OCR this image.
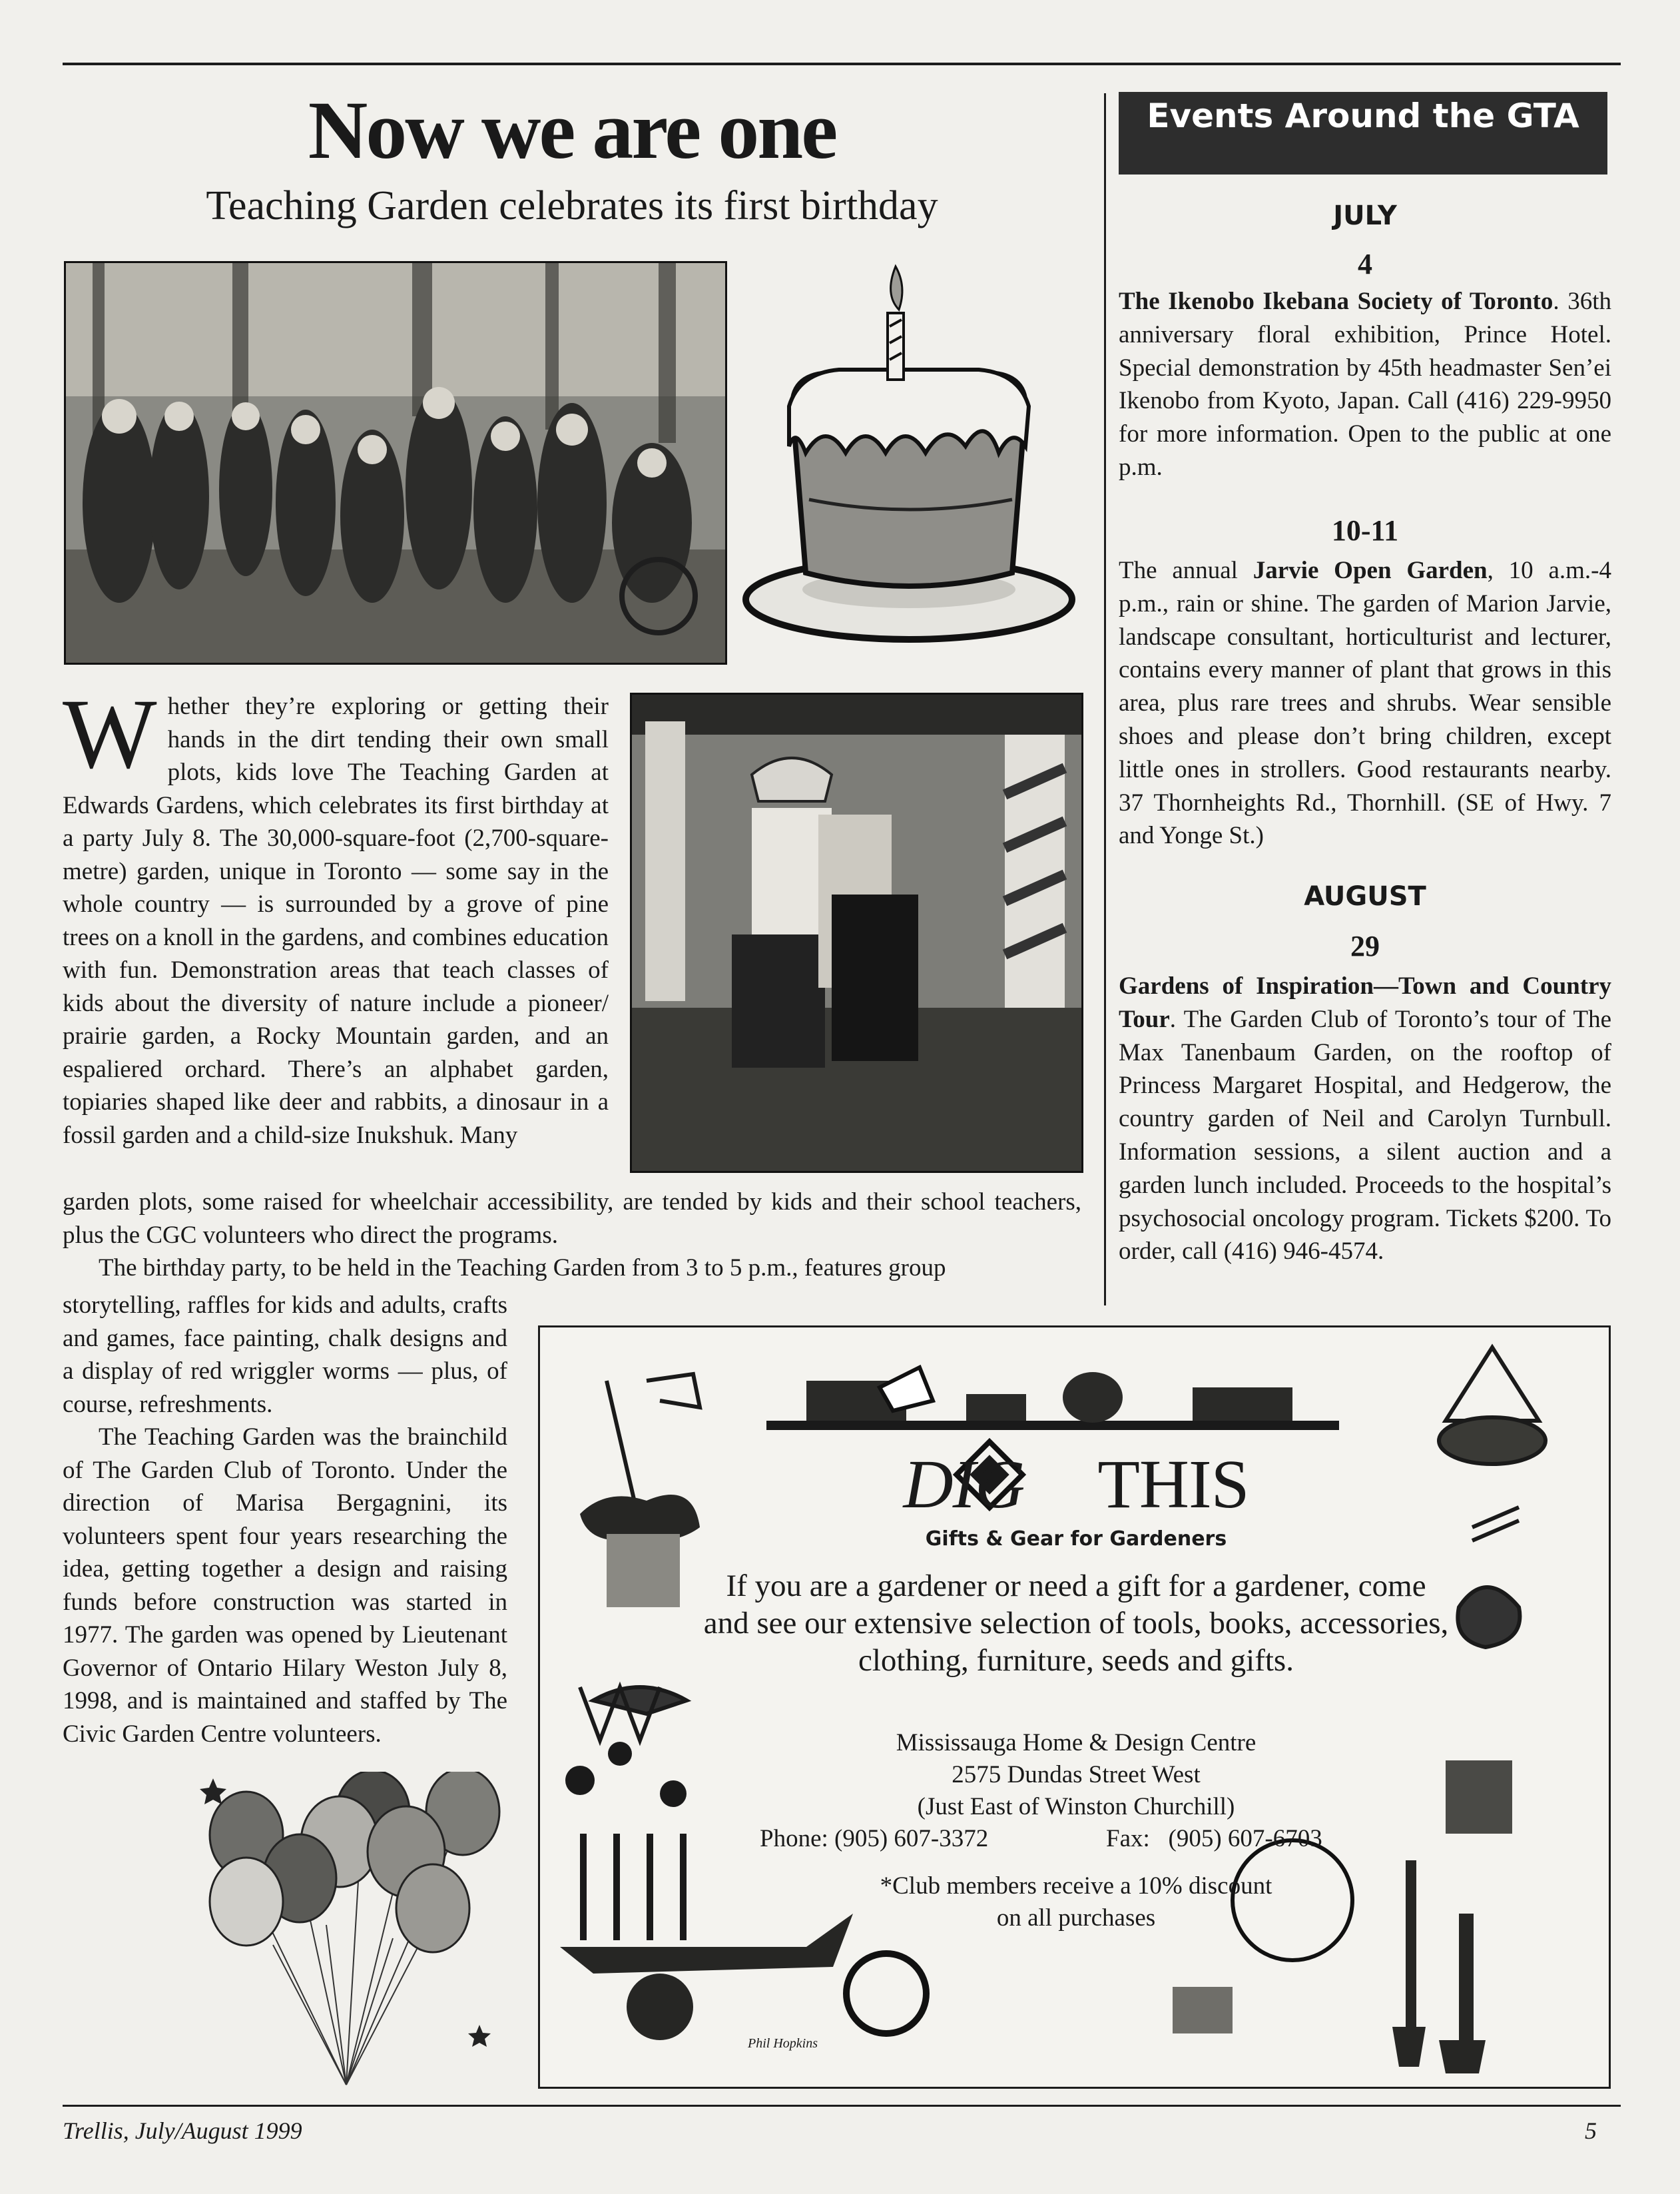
Now we are one
Teaching Garden celebrates its first birthday

Whether they’re exploring or getting their hands in the dirt tending their own small plots, kids love The Teaching Garden at Edwards Gardens, which celebrates its first birthday at a party July 8. The 30,000-square-foot (2,700-square-metre) garden, unique in Toronto — some say in the whole country — is surrounded by a grove of pine trees on a knoll in the gardens, and combines education with fun. Demonstration areas that teach classes of kids about the diversity of nature include a pioneer/ prairie garden, a Rocky Mountain garden, and an espaliered orchard. There’s an alphabet garden, topiaries shaped like deer and rabbits, a dinosaur in a fossil garden and a child-size Inukshuk. Many

garden plots, some raised for wheelchair accessibility, are tended by kids and their school teachers, plus the CGC volunteers who direct the programs.

The birthday party, to be held in the Teaching Garden from 3 to 5 p.m., features group

storytelling, raffles for kids and adults, crafts and games, face painting, chalk designs and a display of red wriggler worms — plus, of course, refreshments.

The Teaching Garden was the brainchild of The Garden Club of Toronto. Under the direction of Marisa Bergagnini, its volunteers spent four years researching the idea, getting together a design and raising funds before construction was started in 1977. The garden was opened by Lieutenant Governor of Ontario Hilary Weston July 8, 1998, and is maintained and staffed by The Civic Garden Centre volunteers.

Events Around the GTA
JULY
4
The Ikenobo Ikebana Society of Toronto. 36th anniversary floral exhibition, Prince Hotel. Special demonstration by 45th headmaster Sen’ei Ikenobo from Kyoto, Japan. Call (416) 229-9950 for more information. Open to the public at one p.m.
10-11
The annual Jarvie Open Garden, 10 a.m.-4 p.m., rain or shine. The garden of Marion Jarvie, landscape consultant, horticulturist and lecturer, contains every manner of plant that grows in this area, plus rare trees and shrubs. Wear sensible shoes and please don’t bring children, except little ones in strollers. Good restaurants nearby. 37 Thornheights Rd., Thornhill. (SE of Hwy. 7 and Yonge St.)
AUGUST
29
Gardens of Inspiration—Town and Country Tour. The Garden Club of Toronto’s tour of The Max Tanenbaum Garden, on the rooftop of Princess Margaret Hospital, and Hedgerow, the country garden of Neil and Carolyn Turnbull. Information sessions, a silent auction and a garden lunch included. Proceeds to the hospital’s psychosocial oncology program. Tickets $200. To order, call (416) 946-4574.
DIG THIS
Gifts & Gear for Gardeners
If you are a gardener or need a gift for a gardener, come and see our extensive selection of tools, books, accessories, clothing, furniture, seeds and gifts.
Mississauga Home & Design Centre
2575 Dundas Street West
(Just East of Winston Churchill)
Phone: (905) 607-3372	Fax:   (905) 607-6703
*Club members receive a 10% discount
on all purchases
Phil Hopkins
Trellis, July/August 1999	5
